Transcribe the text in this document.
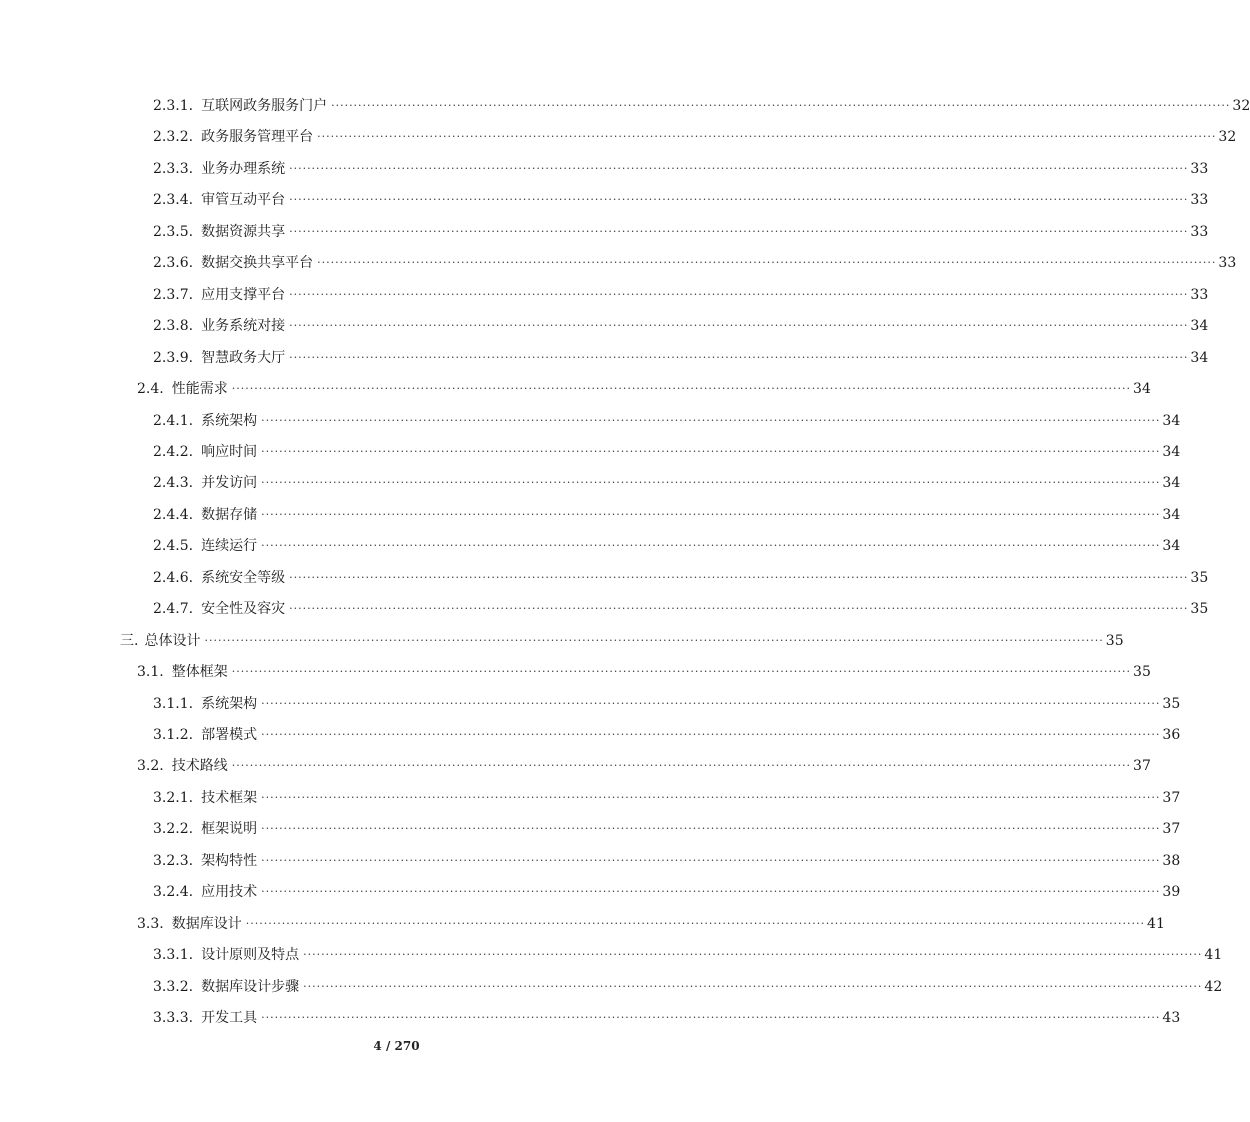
2.3.1. 互联网政务服务门户 ········································································································································································································ 32
2.3.2. 政务服务管理平台 ········································································································································································································ 32
2.3.3. 业务办理系统 ········································································································································································································ 33
2.3.4. 审管互动平台 ········································································································································································································ 33
2.3.5. 数据资源共享 ········································································································································································································ 33
2.3.6. 数据交换共享平台 ········································································································································································································ 33
2.3.7. 应用支撑平台 ········································································································································································································ 33
2.3.8. 业务系统对接 ········································································································································································································ 34
2.3.9. 智慧政务大厅 ········································································································································································································ 34
2.4. 性能需求 ········································································································································································································ 34
2.4.1. 系统架构 ········································································································································································································ 34
2.4.2. 响应时间 ········································································································································································································ 34
2.4.3. 并发访问 ········································································································································································································ 34
2.4.4. 数据存储 ········································································································································································································ 34
2.4.5. 连续运行 ········································································································································································································ 34
2.4.6. 系统安全等级 ········································································································································································································ 35
2.4.7. 安全性及容灾 ········································································································································································································ 35
三. 总体设计 ········································································································································································································ 35
3.1. 整体框架 ········································································································································································································ 35
3.1.1. 系统架构 ········································································································································································································ 35
3.1.2. 部署模式 ········································································································································································································ 36
3.2. 技术路线 ········································································································································································································ 37
3.2.1. 技术框架 ········································································································································································································ 37
3.2.2. 框架说明 ········································································································································································································ 37
3.2.3. 架构特性 ········································································································································································································ 38
3.2.4. 应用技术 ········································································································································································································ 39
3.3. 数据库设计 ········································································································································································································ 41
3.3.1. 设计原则及特点 ········································································································································································································ 41
3.3.2. 数据库设计步骤 ········································································································································································································ 42
3.3.3. 开发工具 ········································································································································································································ 43
4 / 270
